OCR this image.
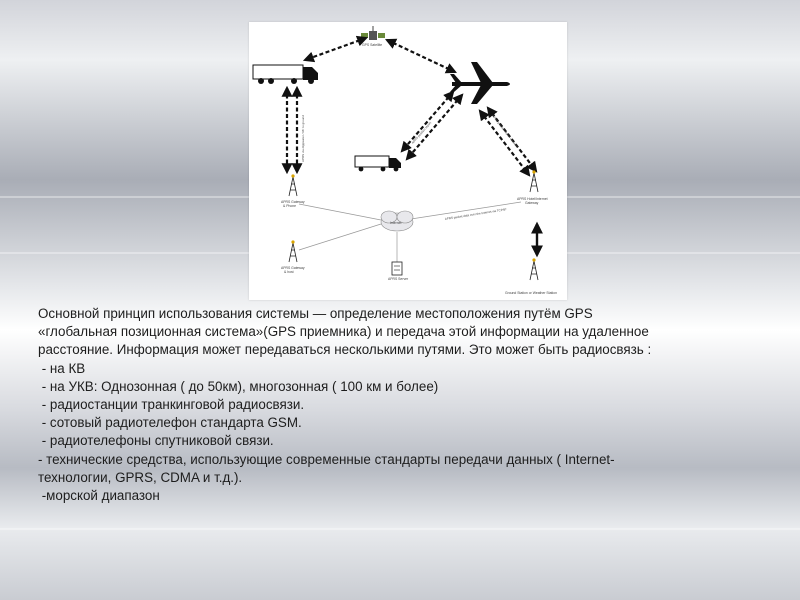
GPS Satellite
APRS Gateway & Phone
APRS Gateway & host
APRS Hotel/Internet Gateway
Internet
APRS Server
Ground Station or Weather Station
APRS via digipeater / RF to ground	APRS position report	APRS position report via radio
APRS packet data over the Internet via TCP/IP

Основной принцип использования системы — определение местоположения путём GPS

«глобальная позиционная система»(GPS приемника) и передача этой информации на удаленное

расстояние. Информация может передаваться несколькими путями. Это может быть радиосвязь :

- на КВ

- на УКВ: Однозонная ( до 50км), многозонная ( 100 км и более)

- радиостанции транкинговой радиосвязи.

- сотовый радиотелефон стандарта GSM.

- радиотелефоны спутниковой связи.

- технические средства, использующие современные стандарты передачи данных ( Internet-

технологии, GPRS, CDMA и т.д.).

-морской диапазон
